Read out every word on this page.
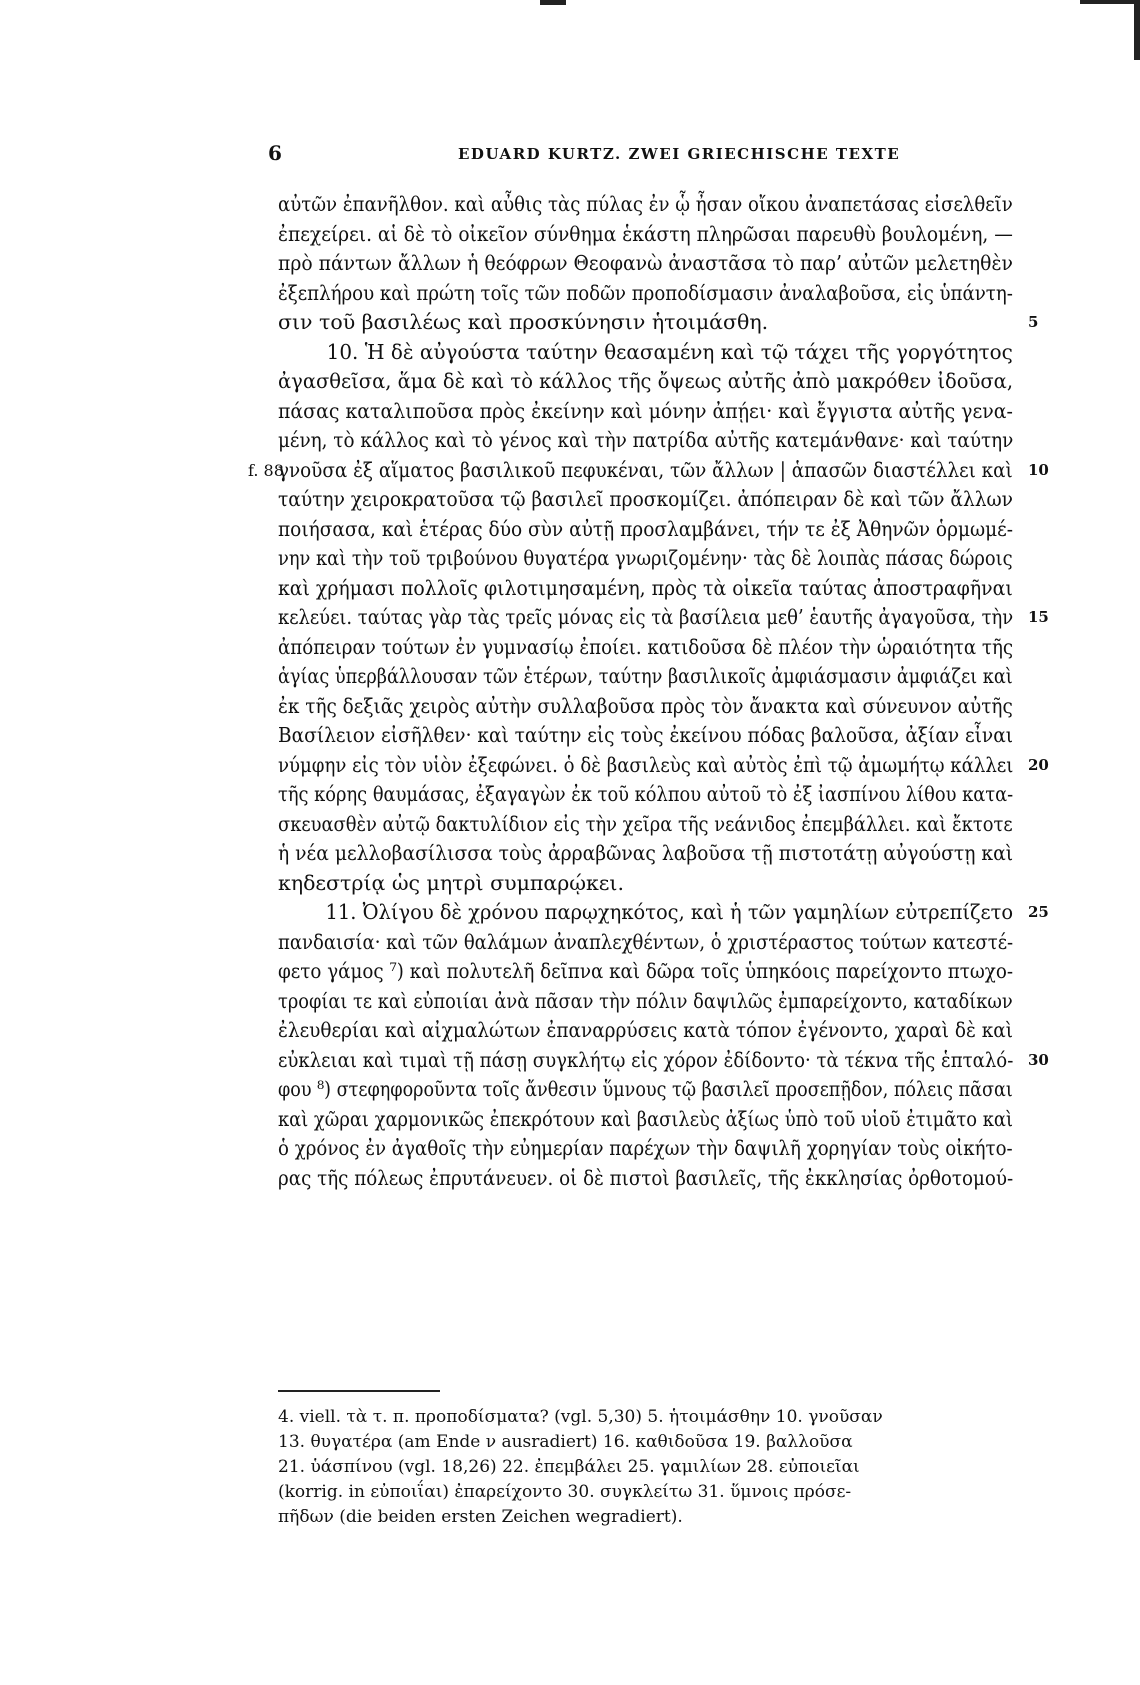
6	EDUARD KURTZ. ZWEI GRIECHISCHE TEXTE
αὐτῶν ἐπανῆλθον. καὶ αὖθις τὰς πύλας ἐν ᾧ ἦσαν οἴκου ἀναπετάσας εἰσελθεῖν
ἐπεχείρει. αἱ δὲ τὸ οἰκεῖον σύνθημα ἑκάστη πληρῶσαι παρευθὺ βουλομένη, —
πρὸ πάντων ἄλλων ἡ θεόφρων Θεοφανὼ ἀναστᾶσα τὸ παρ’ αὐτῶν μελετηθὲν
ἐξεπλήρου καὶ πρώτη τοῖς τῶν ποδῶν προποδίσμασιν ἀναλαβοῦσα, εἰς ὑπάντη-
σιν τοῦ βασιλέως καὶ προσκύνησιν ἡτοιμάσθη.	5
10. Ἡ δὲ αὐγούστα ταύτην θεασαμένη καὶ τῷ τάχει τῆς γοργότητος
ἀγασθεῖσα, ἅμα δὲ καὶ τὸ κάλλος τῆς ὄψεως αὐτῆς ἀπὸ μακρόθεν ἰδοῦσα,
πάσας καταλιποῦσα πρὸς ἐκείνην καὶ μόνην ἀπῄει· καὶ ἔγγιστα αὐτῆς γενα-
μένη, τὸ κάλλος καὶ τὸ γένος καὶ τὴν πατρίδα αὐτῆς κατεμάνθανε· καὶ ταύτην
γνοῦσα ἐξ αἵματος βασιλικοῦ πεφυκέναι, τῶν ἄλλων | ἁπασῶν διαστέλλει καὶ 10
f. 88
ταύτην χειροκρατοῦσα τῷ βασιλεῖ προσκομίζει. ἀπόπειραν δὲ καὶ τῶν ἄλλων
ποιήσασα, καὶ ἑτέρας δύο σὺν αὐτῇ προσλαμβάνει, τήν τε ἐξ Ἀθηνῶν ὁρμωμέ-
νην καὶ τὴν τοῦ τριβούνου θυγατέρα γνωριζομένην· τὰς δὲ λοιπὰς πάσας δώροις
καὶ χρήμασι πολλοῖς φιλοτιμησαμένη, πρὸς τὰ οἰκεῖα ταύτας ἀποστραφῆναι
κελεύει. ταύτας γὰρ τὰς τρεῖς μόνας εἰς τὰ βασίλεια μεθ’ ἑαυτῆς ἀγαγοῦσα, τὴν 15
ἀπόπειραν τούτων ἐν γυμνασίῳ ἐποίει. κατιδοῦσα δὲ πλέον τὴν ὡραιότητα τῆς
ἁγίας ὑπερβάλλουσαν τῶν ἑτέρων, ταύτην βασιλικοῖς ἀμφιάσμασιν ἀμφιάζει καὶ
ἐκ τῆς δεξιᾶς χειρὸς αὐτὴν συλλαβοῦσα πρὸς τὸν ἄνακτα καὶ σύνευνον αὐτῆς
Βασίλειον εἰσῆλθεν· καὶ ταύτην εἰς τοὺς ἐκείνου πόδας βαλοῦσα, ἀξίαν εἶναι
νύμφην εἰς τὸν υἱὸν ἐξεφώνει. ὁ δὲ βασιλεὺς καὶ αὐτὸς ἐπὶ τῷ ἀμωμήτῳ κάλλει 20
τῆς κόρης θαυμάσας, ἐξαγαγὼν ἐκ τοῦ κόλπου αὐτοῦ τὸ ἐξ ἰασπίνου λίθου κατα-
σκευασθὲν αὐτῷ δακτυλίδιον εἰς τὴν χεῖρα τῆς νεάνιδος ἐπεμβάλλει. καὶ ἔκτοτε
ἡ νέα μελλοβασίλισσα τοὺς ἀρραβῶνας λαβοῦσα τῇ πιστοτάτῃ αὐγούστῃ καὶ
κηδεστρίᾳ ὡς μητρὶ συμπαρῴκει.
11. Ὀλίγου δὲ χρόνου παρῳχηκότος, καὶ ἡ τῶν γαμηλίων εὐτρεπίζετο 25
πανδαισία· καὶ τῶν θαλάμων ἀναπλεχθέντων, ὁ χριστέραστος τούτων κατεστέ-
φετο γάμος ⁷) καὶ πολυτελῆ δεῖπνα καὶ δῶρα τοῖς ὑπηκόοις παρείχοντο πτωχο-
τροφίαι τε καὶ εὐποιίαι ἀνὰ πᾶσαν τὴν πόλιν δαψιλῶς ἐμπαρείχοντο, καταδίκων
ἐλευθερίαι καὶ αἰχμαλώτων ἐπαναρρύσεις κατὰ τόπον ἐγένοντο, χαραὶ δὲ καὶ
εὐκλειαι καὶ τιμαὶ τῇ πάσῃ συγκλήτῳ εἰς χόρον ἐδίδοντο· τὰ τέκνα τῆς ἑπταλό- 30
φου ⁸) στεφηφοροῦντα τοῖς ἄνθεσιν ὕμνους τῷ βασιλεῖ προσεπῇδον, πόλεις πᾶσαι
καὶ χῶραι χαρμονικῶς ἐπεκρότουν καὶ βασιλεὺς ἀξίως ὑπὸ τοῦ υἱοῦ ἐτιμᾶτο καὶ
ὁ χρόνος ἐν ἀγαθοῖς τὴν εὐημερίαν παρέχων τὴν δαψιλῆ χορηγίαν τοὺς οἰκήτο-
ρας τῆς πόλεως ἐπρυτάνευεν. οἱ δὲ πιστοὶ βασιλεῖς, τῆς ἐκκλησίας ὀρθοτομού-
4. viell. τὰ τ. π. προποδίσματα? (vgl. 5,30) 5. ἡτοιμάσθην 10. γνοῦσαν
13. θυγατέρα (am Ende ν ausradiert) 16. καθιδοῦσα 19. βαλλοῦσα
21. ὑάσπίνου (vgl. 18,26) 22. ἐπεμβάλει 25. γαμιλίων 28. εὐποιεῖαι
(korrig. in εὐποιΐαι) ἐπαρείχοντο 30. συγκλείτω 31. ὕμνοις πρόσε-
πῆδων (die beiden ersten Zeichen wegradiert).
